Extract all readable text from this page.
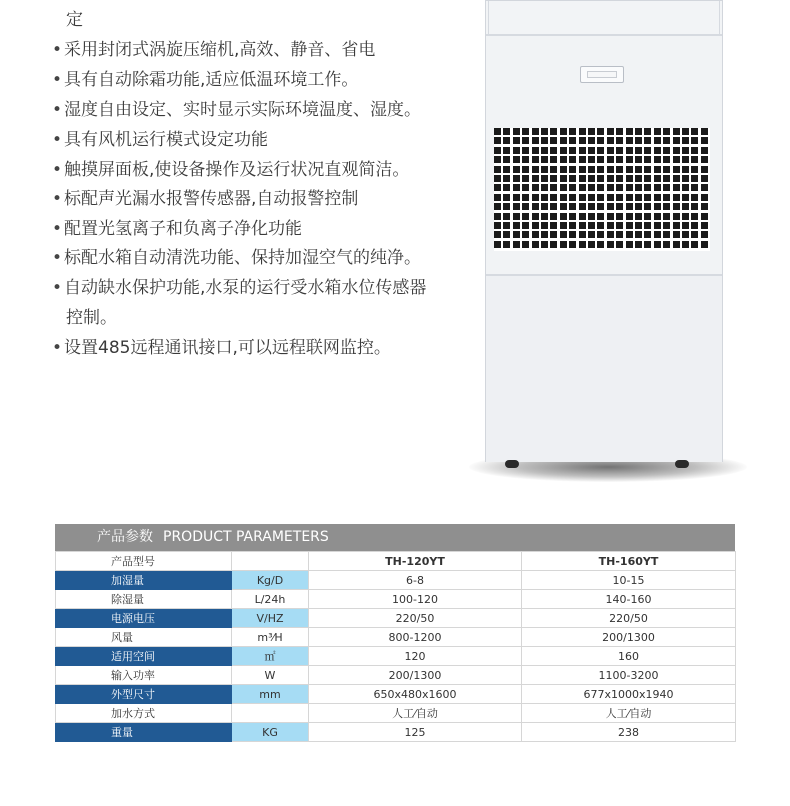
定
• 采用封闭式涡旋压缩机,高效、静音、省电
• 具有自动除霜功能,适应低温环境工作。
• 湿度自由设定、实时显示实际环境温度、湿度。
• 具有风机运行模式设定功能
• 触摸屏面板,使设备操作及运行状况直观简洁。
• 标配声光漏水报警传感器,自动报警控制
• 配置光氢离子和负离子净化功能
• 标配水箱自动清洗功能、保持加湿空气的纯净。
• 自动缺水保护功能,水泵的运行受水箱水位传感器
控制。
• 设置485远程通讯接口,可以远程联网监控。
产品参数 PRODUCT PARAMETERS
产品型号		TH-120YT	TH-160YT
加湿量	Kg/D	6-8	10-15
除湿量	L/24h	100-120	140-160
电源电压	V/HZ	220/50	220/50
风量	m³⁄H	800-1200	200/1300
适用空间	㎡	120	160
输入功率	W	200/1300	1100-3200
外型尺寸	mm	650x480x1600	677x1000x1940
加水方式		人工⁄自动	人工⁄自动
重量	KG	125	238
